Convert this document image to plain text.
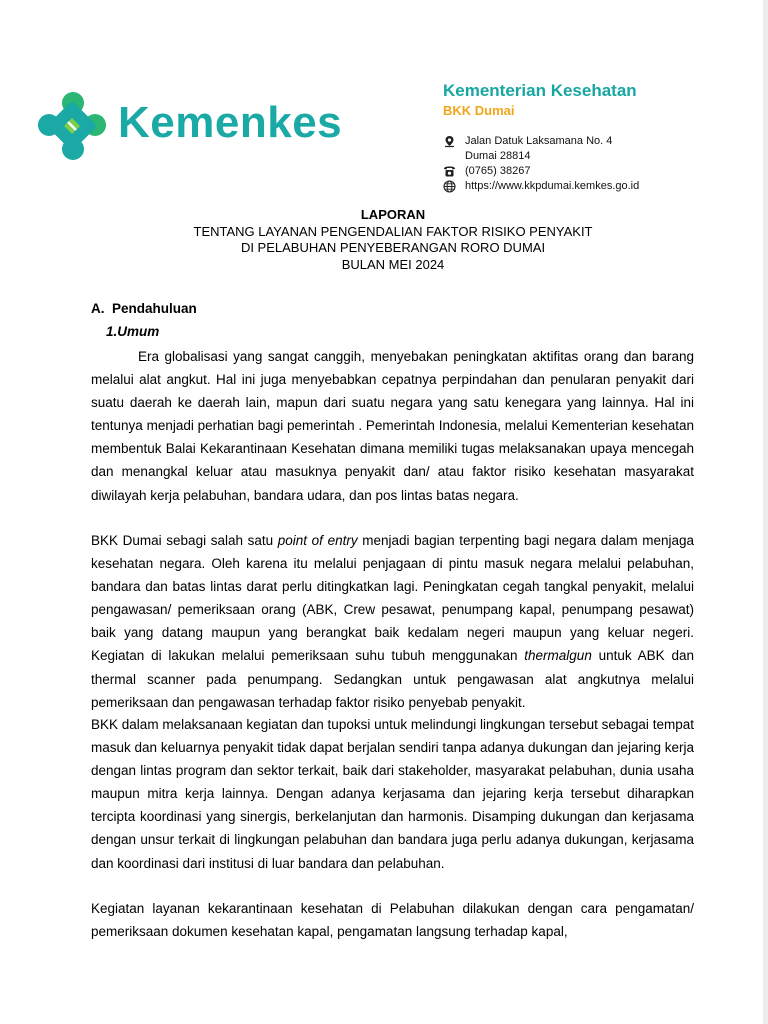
Kemenkes
Kementerian Kesehatan
BKK Dumai
Jalan Datuk Laksamana No. 4
Dumai 28814
(0765) 38267
https://www.kkpdumai.kemkes.go.id
LAPORAN
TENTANG LAYANAN PENGENDALIAN FAKTOR RISIKO PENYAKIT
DI PELABUHAN PENYEBERANGAN RORO DUMAI
BULAN MEI 2024
A.  Pendahuluan
1.Umum

Era globalisasi yang sangat canggih, menyebakan peningkatan aktifitas orang dan barang melalui alat angkut. Hal ini juga menyebabkan cepatnya perpindahan dan penularan penyakit dari suatu daerah ke daerah lain, mapun dari suatu negara yang satu kenegara yang lainnya. Hal ini tentunya menjadi perhatian bagi pemerintah . Pemerintah Indonesia, melalui Kementerian kesehatan membentuk Balai Kekarantinaan Kesehatan dimana memiliki tugas melaksanakan upaya mencegah dan menangkal keluar atau masuknya penyakit dan/ atau faktor risiko kesehatan masyarakat diwilayah kerja pelabuhan, bandara udara, dan pos lintas batas negara.

BKK Dumai sebagi salah satu point of entry menjadi bagian terpenting bagi negara dalam menjaga kesehatan negara. Oleh karena itu melalui penjagaan di pintu masuk negara melalui pelabuhan, bandara dan batas lintas darat perlu ditingkatkan lagi. Peningkatan cegah tangkal penyakit, melalui pengawasan/ pemeriksaan orang (ABK, Crew pesawat, penumpang kapal, penumpang pesawat) baik yang datang maupun yang berangkat baik kedalam negeri maupun yang keluar negeri. Kegiatan di lakukan melalui pemeriksaan suhu tubuh menggunakan thermalgun untuk ABK dan thermal scanner pada penumpang. Sedangkan untuk pengawasan alat angkutnya melalui pemeriksaan dan pengawasan terhadap faktor risiko penyebab penyakit.

BKK dalam melaksanaan kegiatan dan tupoksi untuk melindungi lingkungan tersebut sebagai tempat masuk dan keluarnya penyakit tidak dapat berjalan sendiri tanpa adanya dukungan dan jejaring kerja dengan lintas program dan sektor terkait, baik dari stakeholder, masyarakat pelabuhan, dunia usaha maupun mitra kerja lainnya. Dengan adanya kerjasama dan jejaring kerja tersebut diharapkan tercipta koordinasi yang sinergis, berkelanjutan dan harmonis. Disamping dukungan dan kerjasama dengan unsur terkait di lingkungan pelabuhan dan bandara juga perlu adanya dukungan, kerjasama dan koordinasi dari institusi di luar bandara dan pelabuhan.

Kegiatan layanan kekarantinaan kesehatan di Pelabuhan dilakukan dengan cara pengamatan/ pemeriksaan dokumen kesehatan kapal, pengamatan langsung terhadap kapal,
